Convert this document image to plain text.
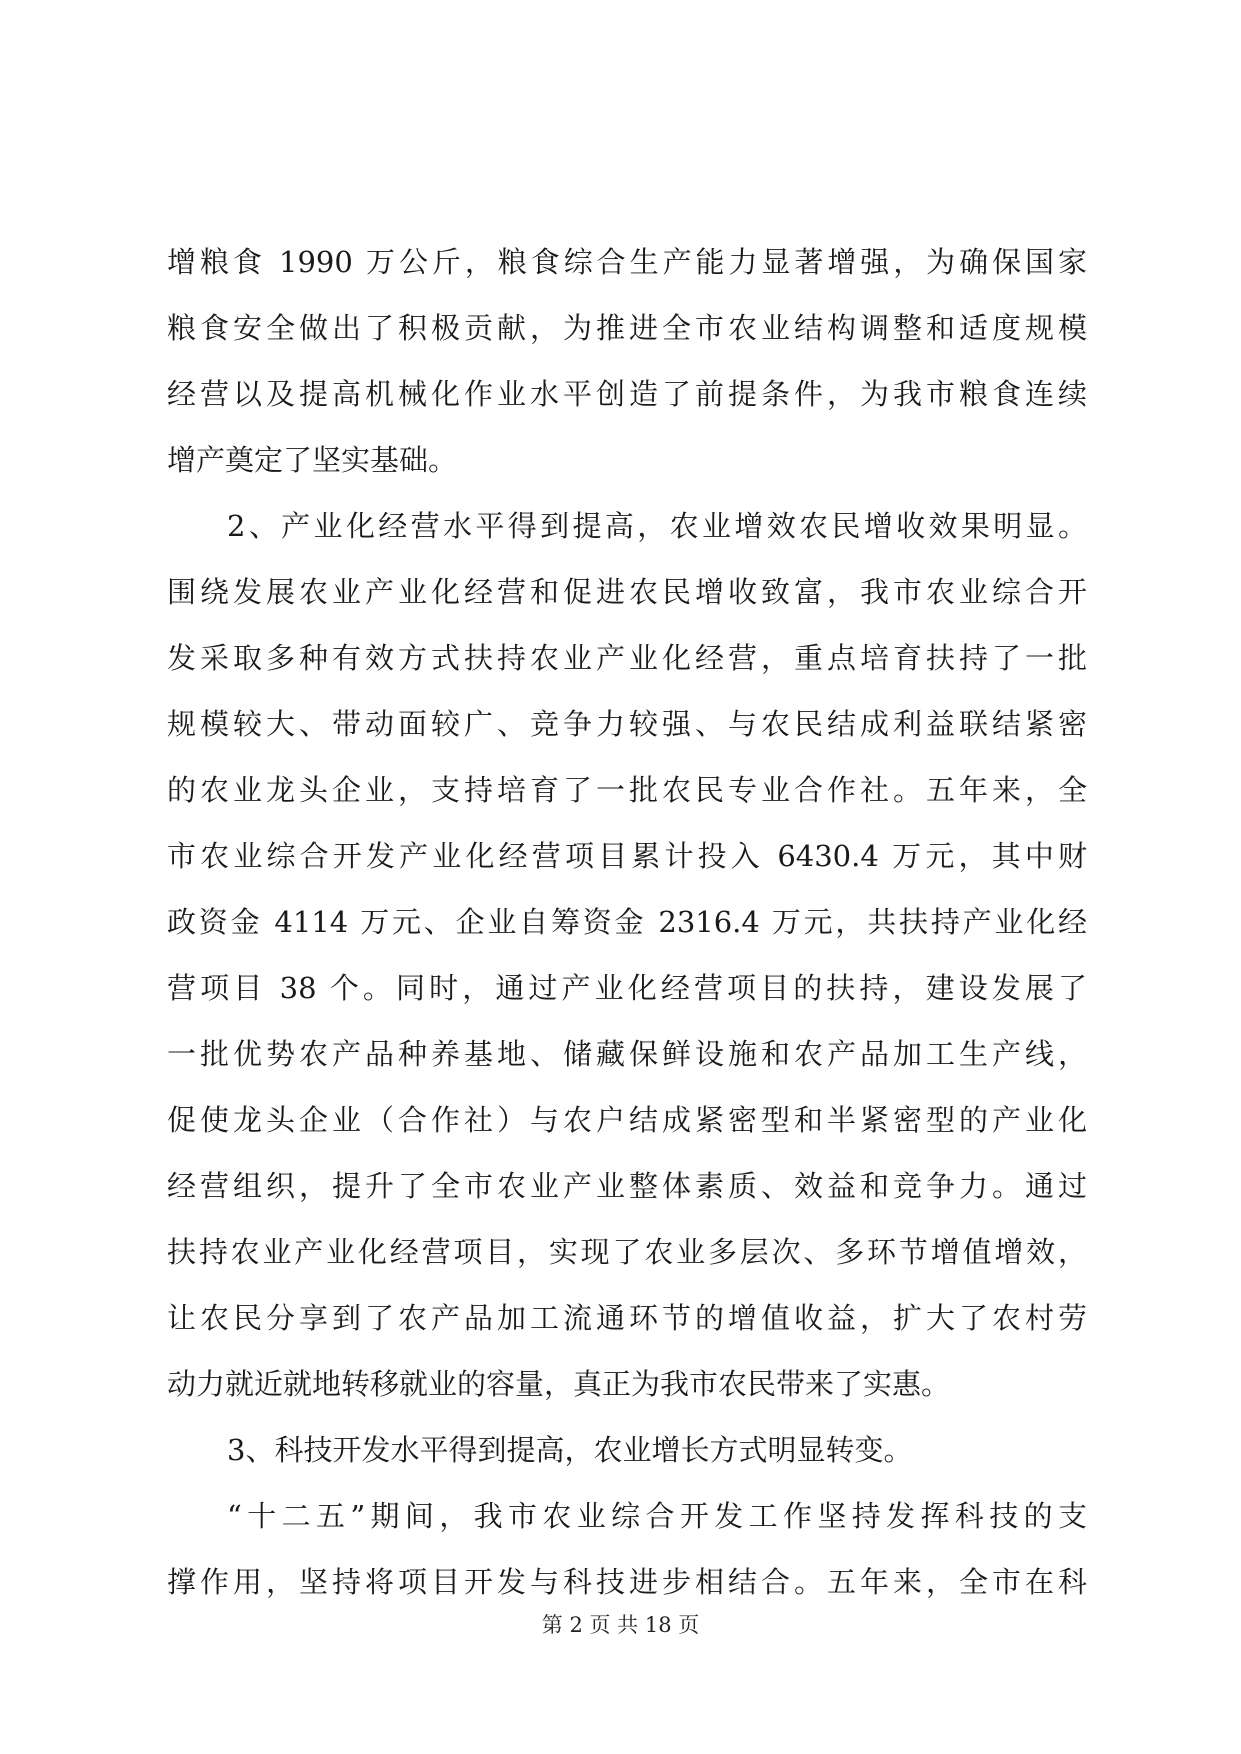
增粮食 1990 万公斤，粮食综合生产能力显著增强，为确保国家
粮食安全做出了积极贡献，为推进全市农业结构调整和适度规模
经营以及提高机械化作业水平创造了前提条件，为我市粮食连续
增产奠定了坚实基础。
2、产业化经营水平得到提高，农业增效农民增收效果明显。
围绕发展农业产业化经营和促进农民增收致富，我市农业综合开
发采取多种有效方式扶持农业产业化经营，重点培育扶持了一批
规模较大、带动面较广、竞争力较强、与农民结成利益联结紧密
的农业龙头企业，支持培育了一批农民专业合作社。五年来，全
市农业综合开发产业化经营项目累计投入 6430.4 万元，其中财
政资金 4114 万元、企业自筹资金 2316.4 万元，共扶持产业化经
营项目 38 个。同时，通过产业化经营项目的扶持，建设发展了
一批优势农产品种养基地、储藏保鲜设施和农产品加工生产线，
促使龙头企业（合作社）与农户结成紧密型和半紧密型的产业化
经营组织，提升了全市农业产业整体素质、效益和竞争力。通过
扶持农业产业化经营项目，实现了农业多层次、多环节增值增效，
让农民分享到了农产品加工流通环节的增值收益，扩大了农村劳
动力就近就地转移就业的容量，真正为我市农民带来了实惠。
3、科技开发水平得到提高，农业增长方式明显转变。
“十二五”期间，我市农业综合开发工作坚持发挥科技的支
撑作用，坚持将项目开发与科技进步相结合。五年来，全市在科
第 2 页 共 18 页
